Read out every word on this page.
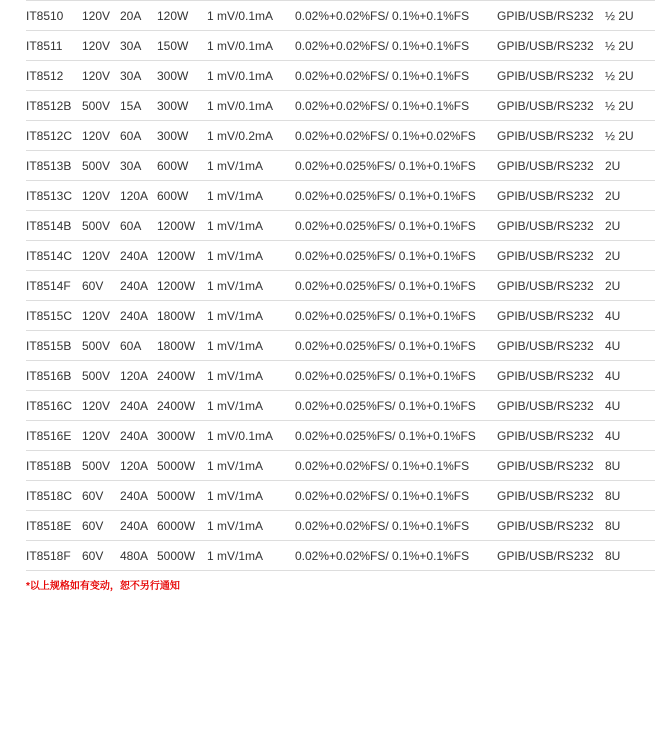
IT8510	120V	20A	120W	1 mV/0.1mA	0.02%+0.02%FS/ 0.1%+0.1%FS	GPIB/USB/RS232	½ 2U
IT8511	120V	30A	150W	1 mV/0.1mA	0.02%+0.02%FS/ 0.1%+0.1%FS	GPIB/USB/RS232	½ 2U
IT8512	120V	30A	300W	1 mV/0.1mA	0.02%+0.02%FS/ 0.1%+0.1%FS	GPIB/USB/RS232	½ 2U
IT8512B	500V	15A	300W	1 mV/0.1mA	0.02%+0.02%FS/ 0.1%+0.1%FS	GPIB/USB/RS232	½ 2U
IT8512C	120V	60A	300W	1 mV/0.2mA	0.02%+0.02%FS/ 0.1%+0.02%FS	GPIB/USB/RS232	½ 2U
IT8513B	500V	30A	600W	1 mV/1mA	0.02%+0.025%FS/ 0.1%+0.1%FS	GPIB/USB/RS232	2U
IT8513C	120V	120A	600W	1 mV/1mA	0.02%+0.025%FS/ 0.1%+0.1%FS	GPIB/USB/RS232	2U
IT8514B	500V	60A	1200W	1 mV/1mA	0.02%+0.025%FS/ 0.1%+0.1%FS	GPIB/USB/RS232	2U
IT8514C	120V	240A	1200W	1 mV/1mA	0.02%+0.025%FS/ 0.1%+0.1%FS	GPIB/USB/RS232	2U
IT8514F	60V	240A	1200W	1 mV/1mA	0.02%+0.025%FS/ 0.1%+0.1%FS	GPIB/USB/RS232	2U
IT8515C	120V	240A	1800W	1 mV/1mA	0.02%+0.025%FS/ 0.1%+0.1%FS	GPIB/USB/RS232	4U
IT8515B	500V	60A	1800W	1 mV/1mA	0.02%+0.025%FS/ 0.1%+0.1%FS	GPIB/USB/RS232	4U
IT8516B	500V	120A	2400W	1 mV/1mA	0.02%+0.025%FS/ 0.1%+0.1%FS	GPIB/USB/RS232	4U
IT8516C	120V	240A	2400W	1 mV/1mA	0.02%+0.025%FS/ 0.1%+0.1%FS	GPIB/USB/RS232	4U
IT8516E	120V	240A	3000W	1 mV/0.1mA	0.02%+0.025%FS/ 0.1%+0.1%FS	GPIB/USB/RS232	4U
IT8518B	500V	120A	5000W	1 mV/1mA	0.02%+0.02%FS/ 0.1%+0.1%FS	GPIB/USB/RS232	8U
IT8518C	60V	240A	5000W	1 mV/1mA	0.02%+0.02%FS/ 0.1%+0.1%FS	GPIB/USB/RS232	8U
IT8518E	60V	240A	6000W	1 mV/1mA	0.02%+0.02%FS/ 0.1%+0.1%FS	GPIB/USB/RS232	8U
IT8518F	60V	480A	5000W	1 mV/1mA	0.02%+0.02%FS/ 0.1%+0.1%FS	GPIB/USB/RS232	8U
*以上规格如有变动，恕不另行通知
